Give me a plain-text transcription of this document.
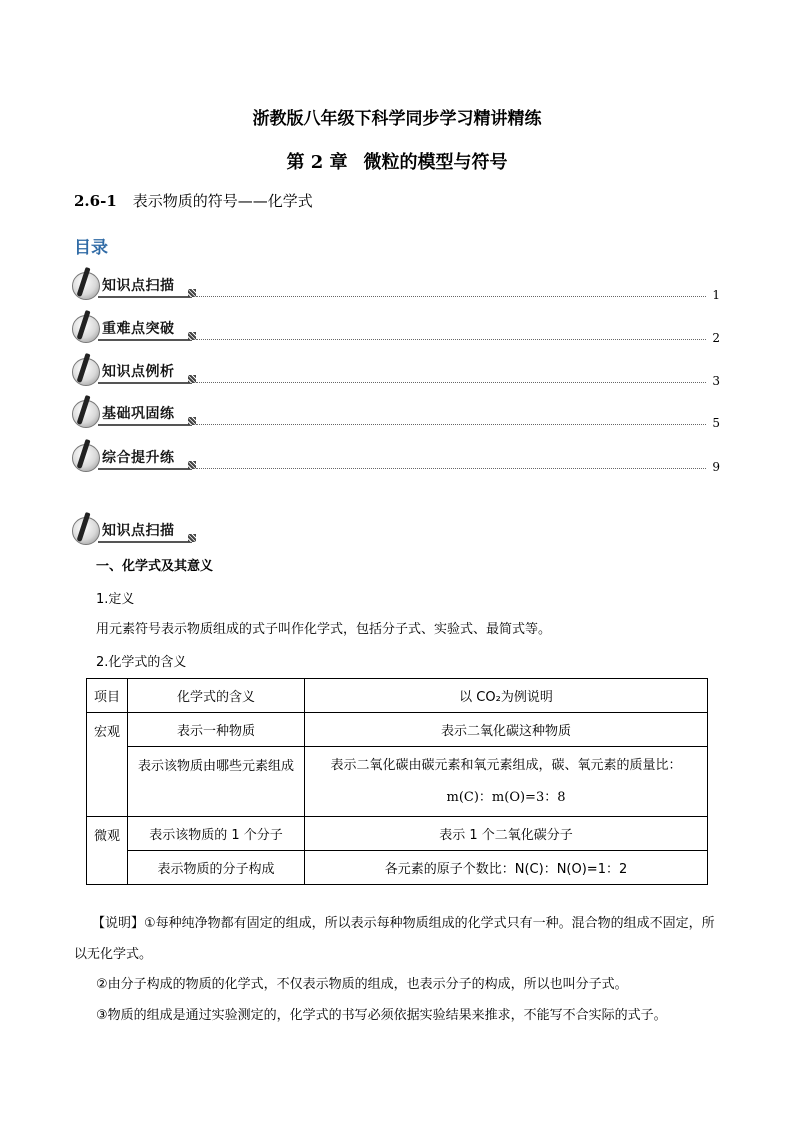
浙教版八年级下科学同步学习精讲精练
第 2 章 微粒的模型与符号
2.6-1 表示物质的符号——化学式
目录
知识点扫描
1
重难点突破
2
知识点例析
3
基础巩固练
5
综合提升练
9
知识点扫描
一、化学式及其意义
1.定义
用元素符号表示物质组成的式子叫作化学式，包括分子式、实验式、最简式等。
2.化学式的含义
项目	化学式的含义	以 CO₂为例说明
宏观	表示一种物质	表示二氧化碳这种物质
	表示该物质由哪些元素组成	表示二氧化碳由碳元素和氧元素组成，碳、氧元素的质量比：
m(C)：m(O)=3：8

微观	表示该物质的 1 个分子	表示 1 个二氧化碳分子
	表示物质的分子构成	各元素的原子个数比：N(C)：N(O)=1：2
【说明】①每种纯净物都有固定的组成，所以表示每种物质组成的化学式只有一种。混合物的组成不固定，所以无化学式。
②由分子构成的物质的化学式，不仅表示物质的组成，也表示分子的构成，所以也叫分子式。
③物质的组成是通过实验测定的，化学式的书写必须依据实验结果来推求，不能写不合实际的式子。
